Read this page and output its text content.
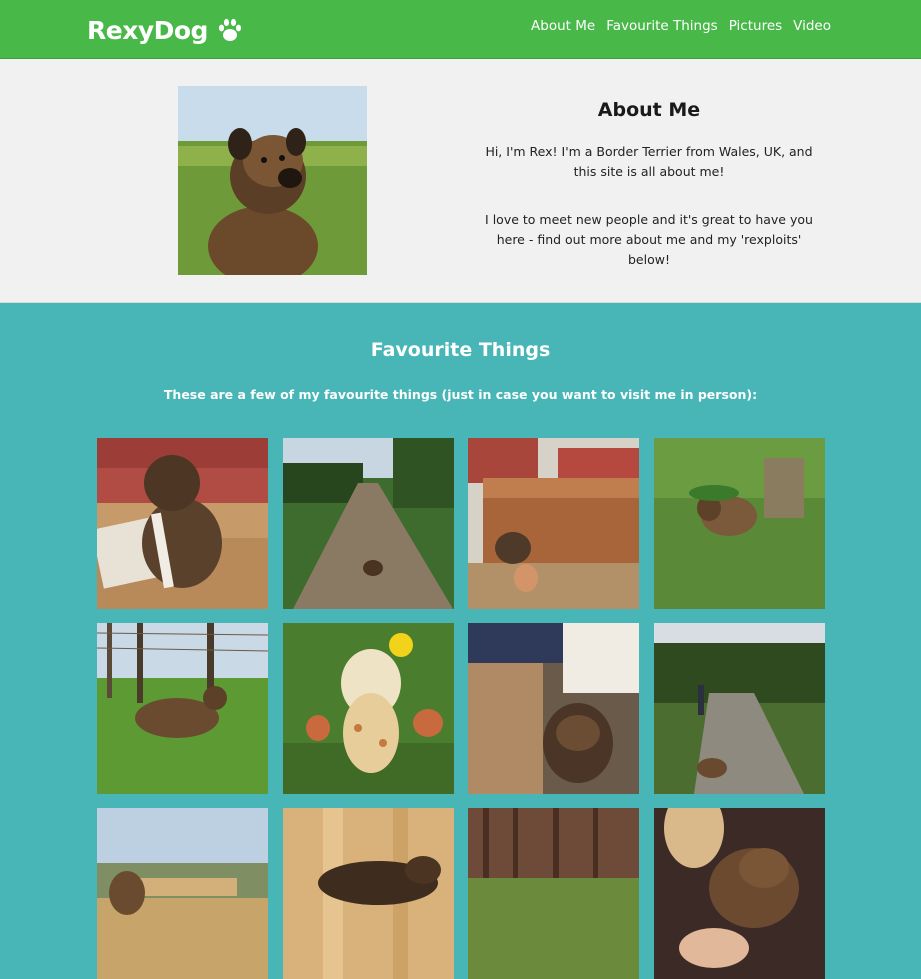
RexyDog	About Me Favourite Things Pictures Video
About Me

Hi, I'm Rex! I'm a Border Terrier from Wales, UK, and this site is all about me!

I love to meet new people and it's great to have you here - find out more about me and my 'rexploits' below!

Favourite Things
These are a few of my favourite things (just in case you want to visit me in person):
